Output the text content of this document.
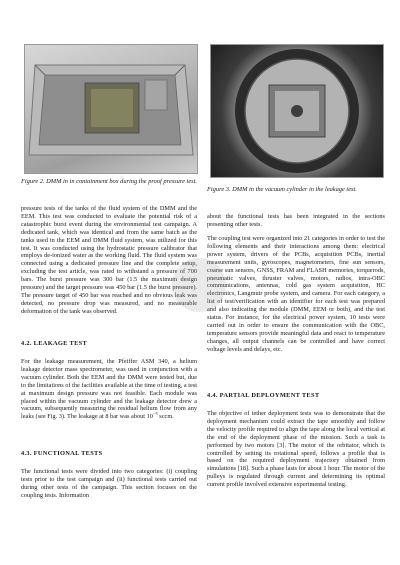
Figure 2. DMM in in containment box during the proof pressure test.
Figure 3. DMM in the vacuum cylinder in the leakage test.
pressure tests of the tanks of the fluid system of the DMM and the EEM. This test was conducted to evaluate the potential risk of a catastrophic burst event during the environmental test campaign. A dedicated tank, which was identical and from the same batch as the tanks used in the EEM and DMM fluid system, was utilized for this test. It was conducted using the hydrostatic pressure calibrator that employs de-ionized water as the working fluid. The fluid system was connected using a dedicated pressure line and the complete setup, excluding the test article, was rated to withstand a pressure of 700 bars. The burst pressure was 300 bar (1.5 the maximum design pressure) and the target pressure was 450 bar (1.5 the burst pressure). The pressure target of 450 bar was reached and no obvious leak was detected, no pressure drop was measured, and no measurable deformation of the tank was observed.
4.2. LEAKAGE TEST
For the leakage measurement, the Pfeiffer ASM 340, a helium leakage detector mass spectrometer, was used in conjunction with a vacuum cylinder. Both the EEM and the DMM were tested but, due to the limitations of the facilities available at the time of testing, a test at maximum design pressure was not feasible. Each module was placed within the vacuum cylinder and the leakage detector drew a vacuum, subsequently measuring the residual helium flow from any leaks (see Fig. 3). The leakage at 8 bar was about $10^{-5}$ sccm.
4.3. FUNCTIONAL TESTS
The functional tests were divided into two categories: (i) coupling tests prior to the test campaign and (ii) functional tests carried out during other tests of the campaign. This section focuses on the coupling tests. Information
about the functional tests has been integrated in the sections presenting other tests.
The coupling test were organized into 21 categories in order to test the following elements and their interactions among them: electrical power system, drivers of the PCBs, acquisition PCBs, inertial measurement units, gyroscopes, magnetometers, fine sun sensors, coarse sun sensors, GNSS, FRAM and FLASH memories, torquerods, pneumatic valves, thruster valves, motors, radios, intra-OBC communications, antennas, cold gas system acquisition, HC electronics, Langmuir probe system, and camera. For each category, a list of test/verification with an identifier for each test was prepared and also indicating the module (DMM, EEM or both), and the test status. For instance, for the electrical power system, 10 tests were carried out in order to ensure the communication with the OBC, temperature sensors provide meaningful data and react to temperature changes, all output channels can be controlled and have correct voltage levels and delays, etc.
4.4. PARTIAL DEPLOYMENT TEST
The objective of tether deployment tests was to demonstrate that the deployment mechanism could extract the tape smoothly and follow the velocity profile required to align the tape along the local vertical at the end of the deployment phase of the mission. Such a task is performed by two motors [3]. The motor of the orbitator, which is controlled by setting its rotational speed, follows a profile that is based on the required deployment trajectory obtained from simulations [18]. Such a phase lasts for about 1 hour. The motor of the pulleys is regulated through current and determining its optimal current profile involved extensive experimental testing.
